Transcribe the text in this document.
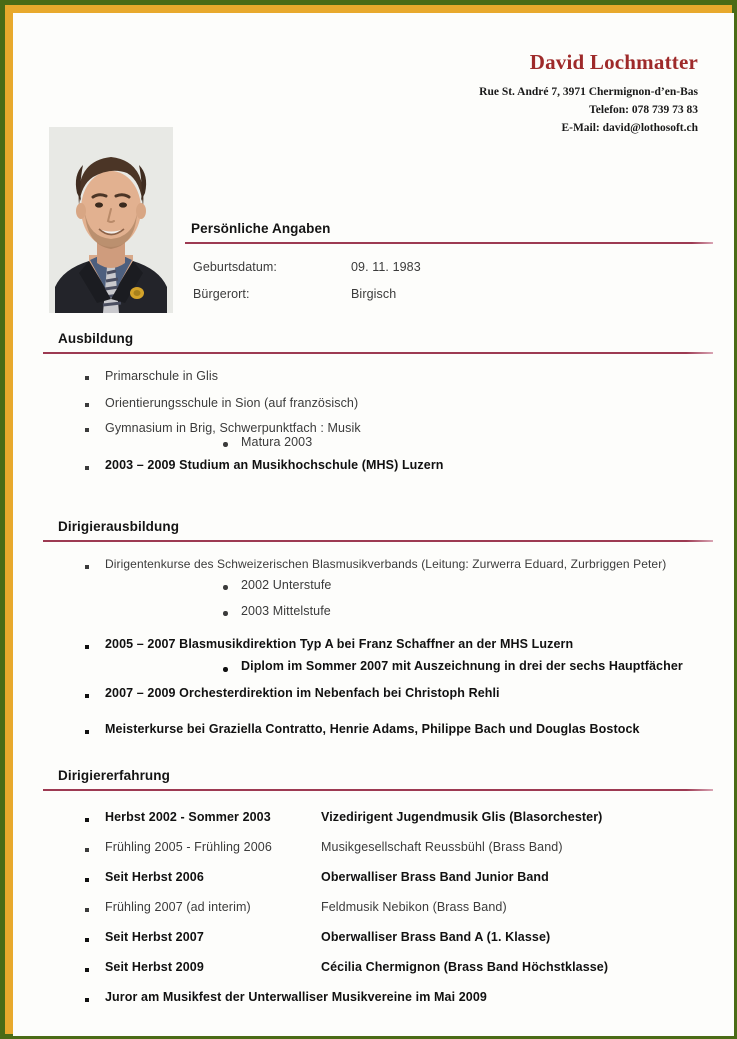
David Lochmatter
Rue St. André 7, 3971 Chermignon-d’en-Bas
Telefon: 078 739 73 83
E-Mail: david@lothosoft.ch
Persönliche Angaben
Geburtsdatum:	09. 11. 1983
Bürgerort:	Birgisch
Ausbildung
Primarschule in Glis
Orientierungsschule in Sion (auf französisch)
Gymnasium in Brig, Schwerpunktfach : Musik
Matura 2003
2003 – 2009 Studium an Musikhochschule (MHS) Luzern
Dirigierausbildung
Dirigentenkurse des Schweizerischen Blasmusikverbands (Leitung: Zurwerra Eduard, Zurbriggen Peter)
2002 Unterstufe
2003 Mittelstufe
2005 – 2007 Blasmusikdirektion Typ A bei Franz Schaffner an der MHS Luzern
Diplom im Sommer 2007 mit Auszeichnung in drei der sechs Hauptfächer
2007 – 2009 Orchesterdirektion im Nebenfach bei Christoph Rehli
Meisterkurse bei Graziella Contratto, Henrie Adams, Philippe Bach und Douglas Bostock
Dirigiererfahrung
Herbst 2002 - Sommer 2003	Vizedirigent Jugendmusik Glis (Blasorchester)
Frühling 2005 - Frühling 2006	Musikgesellschaft Reussbühl (Brass Band)
Seit Herbst 2006	Oberwalliser Brass Band Junior Band
Frühling 2007 (ad interim)	Feldmusik Nebikon (Brass Band)
Seit Herbst 2007	Oberwalliser Brass Band A (1. Klasse)
Seit Herbst 2009	Cécilia Chermignon (Brass Band Höchstklasse)
Juror am Musikfest der Unterwalliser Musikvereine im Mai 2009
